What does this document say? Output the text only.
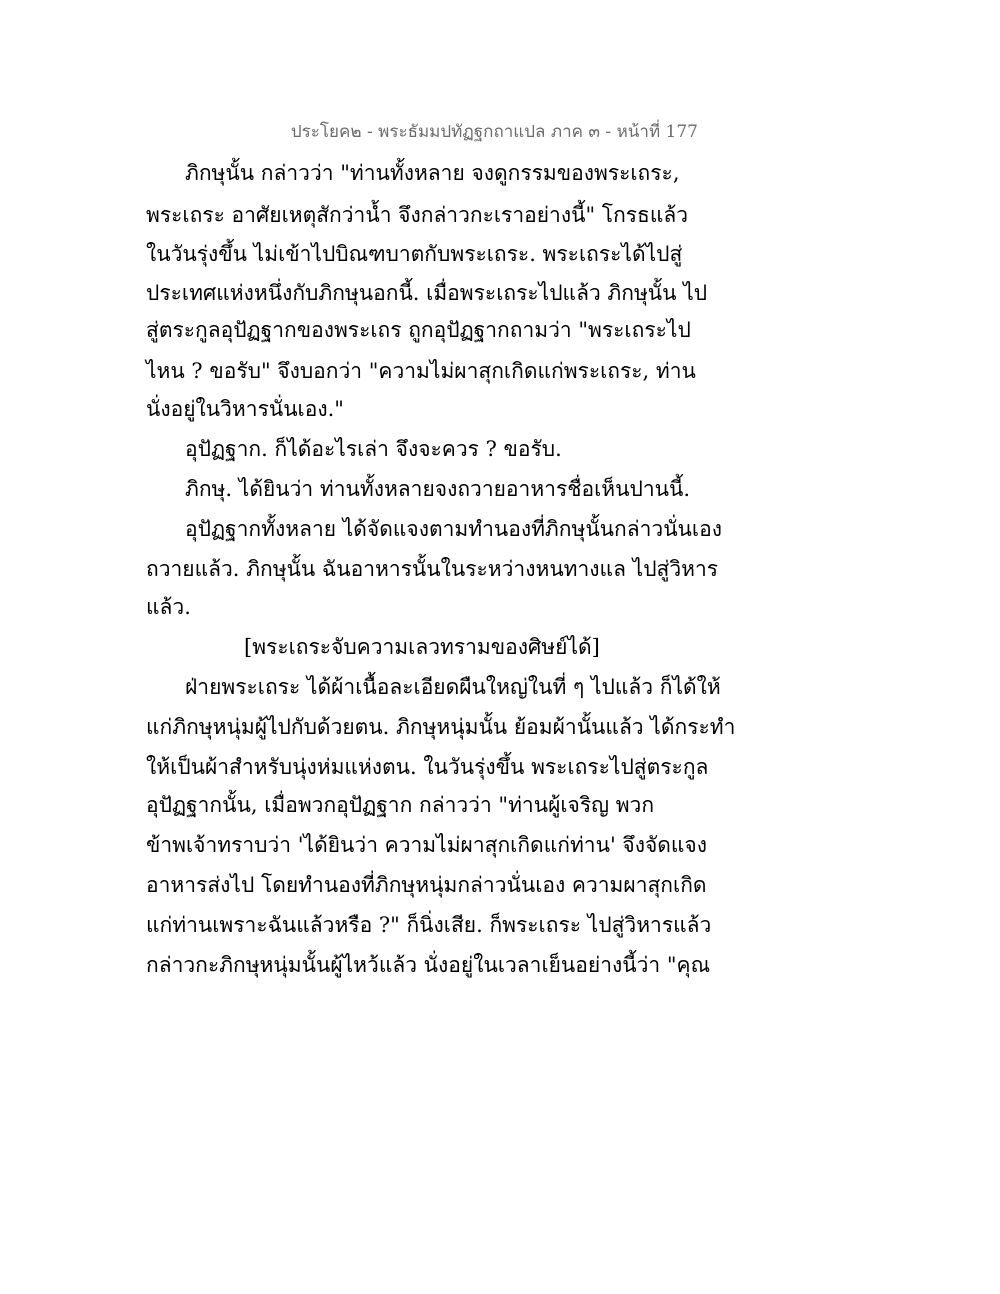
ประโยค๒ - พระธัมมปทัฏฐกถาแปล ภาค ๓ - หน้าที่ 177
ภิกษุนั้น กล่าวว่า "ท่านทั้งหลาย จงดูกรรมของพระเถระ,
พระเถระ อาศัยเหตุสักว่าน้ำ จึงกล่าวกะเราอย่างนี้" โกรธแล้ว
ในวันรุ่งขึ้น ไม่เข้าไปบิณฑบาตกับพระเถระ. พระเถระได้ไปสู่
ประเทศแห่งหนึ่งกับภิกษุนอกนี้. เมื่อพระเถระไปแล้ว ภิกษุนั้น ไป
สู่ตระกูลอุปัฏฐากของพระเถร ถูกอุปัฏฐากถามว่า "พระเถระไป
ไหน ? ขอรับ" จึงบอกว่า "ความไม่ผาสุกเกิดแก่พระเถระ, ท่าน
นั่งอยู่ในวิหารนั่นเอง."
อุปัฏฐาก. ก็ได้อะไรเล่า จึงจะควร ? ขอรับ.
ภิกษุ. ได้ยินว่า ท่านทั้งหลายจงถวายอาหารชื่อเห็นปานนี้.
อุปัฏฐากทั้งหลาย ได้จัดแจงตามทำนองที่ภิกษุนั้นกล่าวนั่นเอง
ถวายแล้ว. ภิกษุนั้น ฉันอาหารนั้นในระหว่างหนทางแล ไปสู่วิหาร
แล้ว.
[พระเถระจับความเลวทรามของศิษย์ได้]
ฝ่ายพระเถระ ได้ผ้าเนื้อละเอียดผืนใหญ่ในที่ ๆ ไปแล้ว ก็ได้ให้
แก่ภิกษุหนุ่มผู้ไปกับด้วยตน. ภิกษุหนุ่มนั้น ย้อมผ้านั้นแล้ว ได้กระทำ
ให้เป็นผ้าสำหรับนุ่งห่มแห่งตน. ในวันรุ่งขึ้น พระเถระไปสู่ตระกูล
อุปัฏฐากนั้น, เมื่อพวกอุปัฏฐาก กล่าวว่า "ท่านผู้เจริญ พวก
ข้าพเจ้าทราบว่า 'ได้ยินว่า ความไม่ผาสุกเกิดแก่ท่าน' จึงจัดแจง
อาหารส่งไป โดยทำนองที่ภิกษุหนุ่มกล่าวนั่นเอง ความผาสุกเกิด
แก่ท่านเพราะฉันแล้วหรือ ?" ก็นิ่งเสีย. ก็พระเถระ ไปสู่วิหารแล้ว
กล่าวกะภิกษุหนุ่มนั้นผู้ไหว้แล้ว นั่งอยู่ในเวลาเย็นอย่างนี้ว่า "คุณ
